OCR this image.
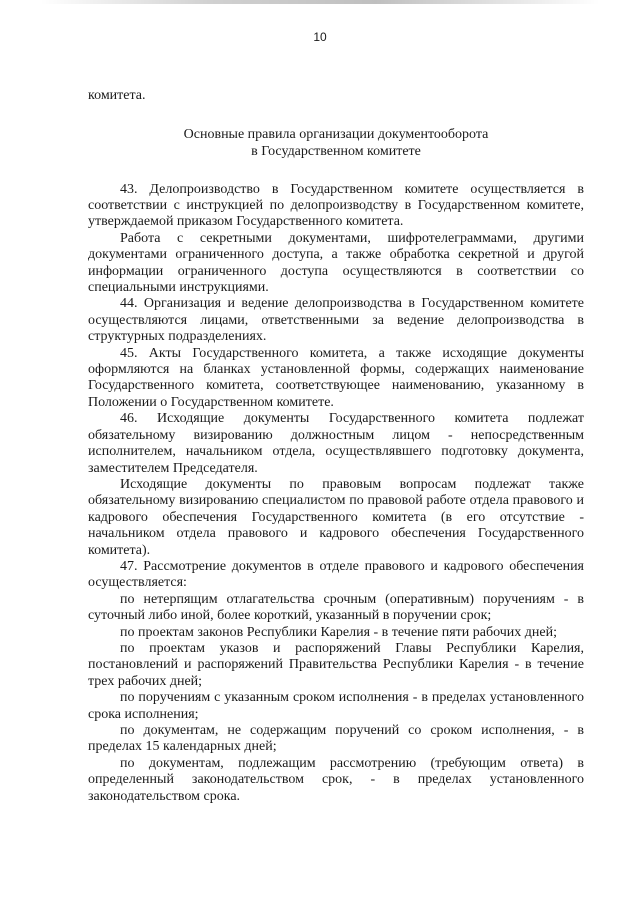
10

комитета.

Основные правила организации документооборота
в Государственном комитете

43. Делопроизводство в Государственном комитете осуществляется в соответствии с инструкцией по делопроизводству в Государственном комитете, утверждаемой приказом Государственного комитета.

Работа с секретными документами, шифротелеграммами, другими документами ограниченного доступа, а также обработка секретной и другой информации ограниченного доступа осуществляются в соответствии со специальными инструкциями.

44. Организация и ведение делопроизводства в Государственном комитете осуществляются лицами, ответственными за ведение делопроизводства в структурных подразделениях.

45. Акты Государственного комитета, а также исходящие документы оформляются на бланках установленной формы, содержащих наименование Государственного комитета, соответствующее наименованию, указанному в Положении о Государственном комитете.

46. Исходящие документы Государственного комитета подлежат обязательному визированию должностным лицом - непосредственным исполнителем, начальником отдела, осуществлявшего подготовку документа, заместителем Председателя.

Исходящие документы по правовым вопросам подлежат также обязательному визированию специалистом по правовой работе отдела правового и кадрового обеспечения Государственного комитета (в его отсутствие - начальником отдела правового и кадрового обеспечения Государственного комитета).

47. Рассмотрение документов в отделе правового и кадрового обеспечения осуществляется:

по нетерпящим отлагательства срочным (оперативным) поручениям - в суточный либо иной, более короткий, указанный в поручении срок;

по проектам законов Республики Карелия - в течение пяти рабочих дней;

по проектам указов и распоряжений Главы Республики Карелия, постановлений и распоряжений Правительства Республики Карелия - в течение трех рабочих дней;

по поручениям с указанным сроком исполнения - в пределах установленного срока исполнения;

по документам, не содержащим поручений со сроком исполнения, - в пределах 15 календарных дней;

по документам, подлежащим рассмотрению (требующим ответа) в определенный законодательством срок, - в пределах установленного законодательством срока.
